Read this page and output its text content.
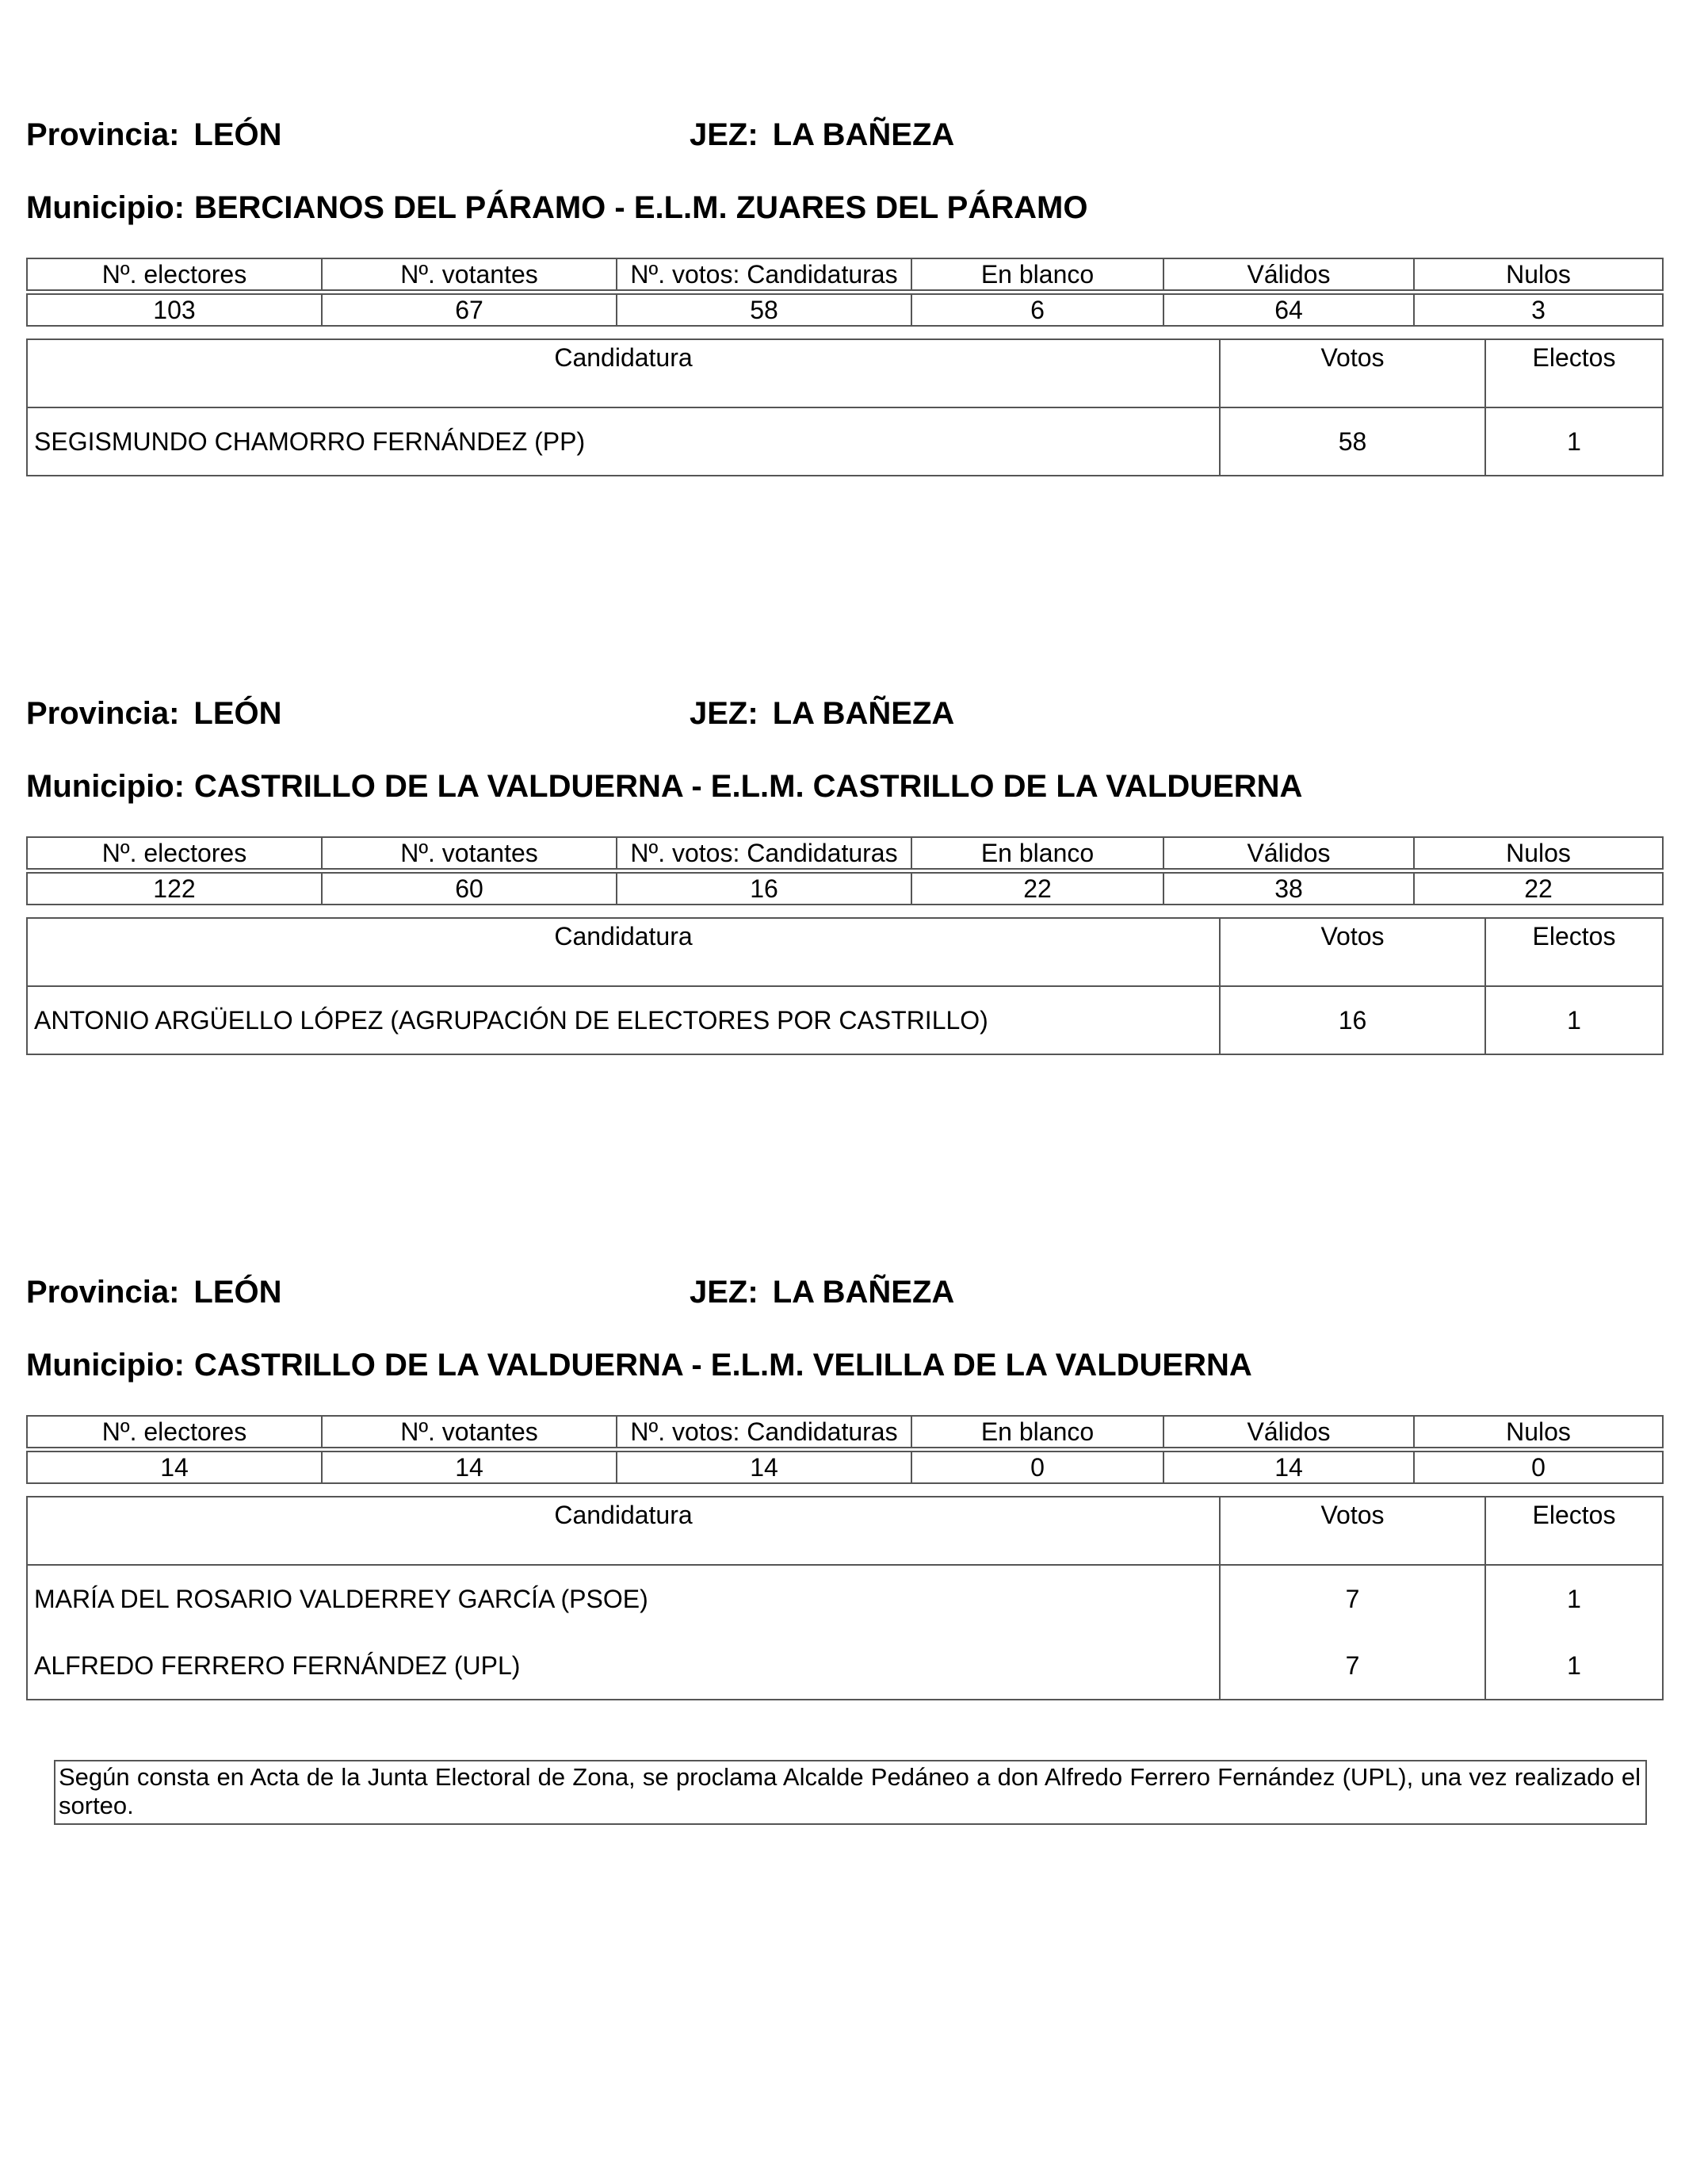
Provincia: LEÓN	JEZ: LA BAÑEZA
Municipio: BERCIANOS DEL PÁRAMO - E.L.M. ZUARES DEL PÁRAMO
Nº. electores	Nº. votantes	Nº. votos: Candidaturas	En blanco	Válidos	Nulos

103	67	58	6	64	3
Candidatura	Votos	Electos
SEGISMUNDO CHAMORRO FERNÁNDEZ (PP)	58	1
Provincia: LEÓN	JEZ: LA BAÑEZA
Municipio: CASTRILLO DE LA VALDUERNA - E.L.M. CASTRILLO DE LA VALDUERNA
Nº. electores	Nº. votantes	Nº. votos: Candidaturas	En blanco	Válidos	Nulos

122	60	16	22	38	22
Candidatura	Votos	Electos
ANTONIO ARGÜELLO LÓPEZ (AGRUPACIÓN DE ELECTORES POR CASTRILLO)	16	1
Provincia: LEÓN	JEZ: LA BAÑEZA
Municipio: CASTRILLO DE LA VALDUERNA - E.L.M. VELILLA DE LA VALDUERNA
Nº. electores	Nº. votantes	Nº. votos: Candidaturas	En blanco	Válidos	Nulos

14	14	14	0	14	0
Candidatura	Votos	Electos
MARÍA DEL ROSARIO VALDERREY GARCÍA (PSOE)	7	1
ALFREDO FERRERO FERNÁNDEZ (UPL)	7	1
Según consta en Acta de la Junta Electoral de Zona, se proclama Alcalde Pedáneo a don Alfredo Ferrero Fernández (UPL), una vez realizado el sorteo.
